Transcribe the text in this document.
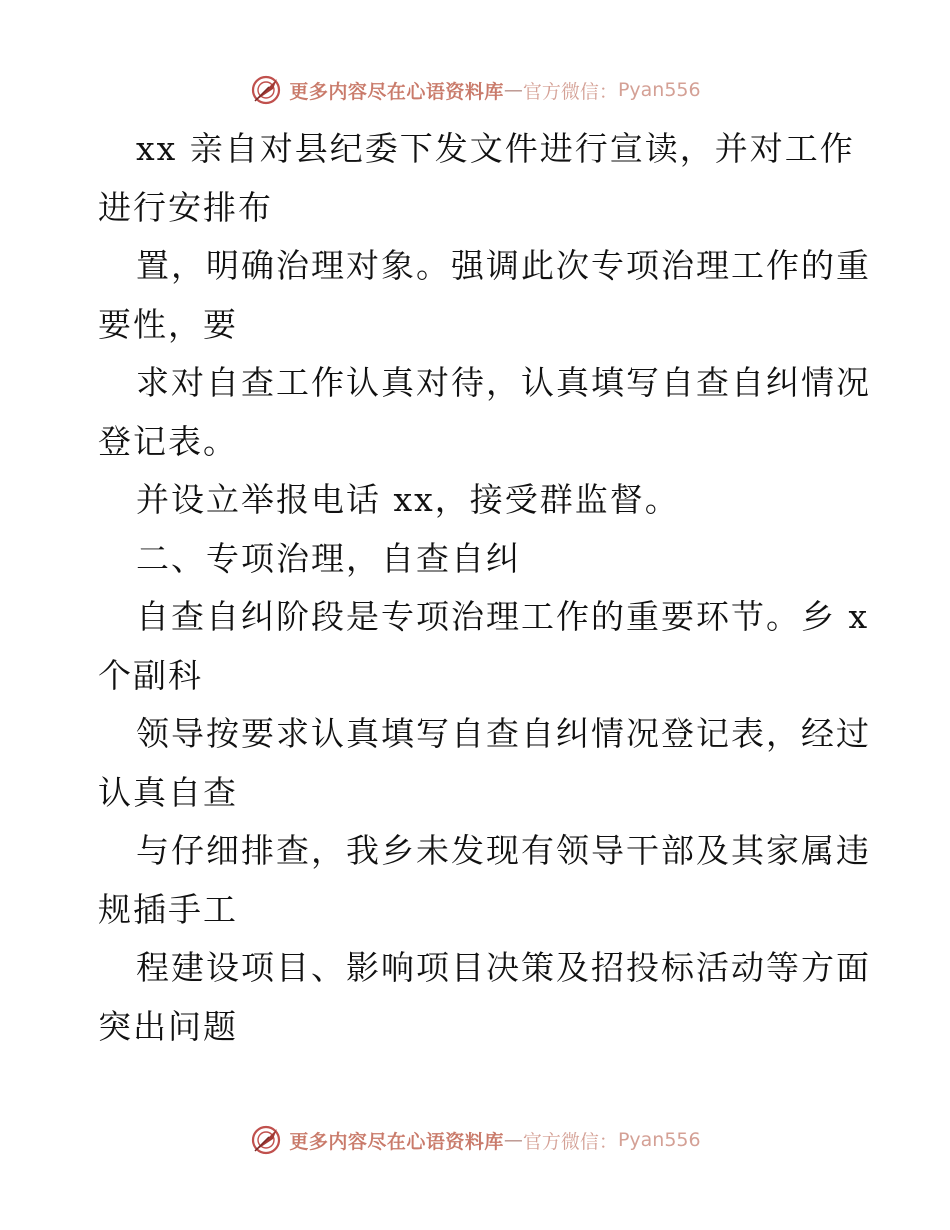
更多内容尽在心语资料库 — 官方微信： Pyan556
xx 亲自对县纪委下发文件进行宣读，并对工作
进行安排布
置，明确治理对象。强调此次专项治理工作的重
要性，要
求对自查工作认真对待，认真填写自查自纠情况
登记表。
并设立举报电话 xx，接受群监督。
二、专项治理，自查自纠
自查自纠阶段是专项治理工作的重要环节。乡 x
个副科
领导按要求认真填写自查自纠情况登记表，经过
认真自查
与仔细排查，我乡未发现有领导干部及其家属违
规插手工
程建设项目、影响项目决策及招投标活动等方面
突出问题
更多内容尽在心语资料库 — 官方微信： Pyan556
